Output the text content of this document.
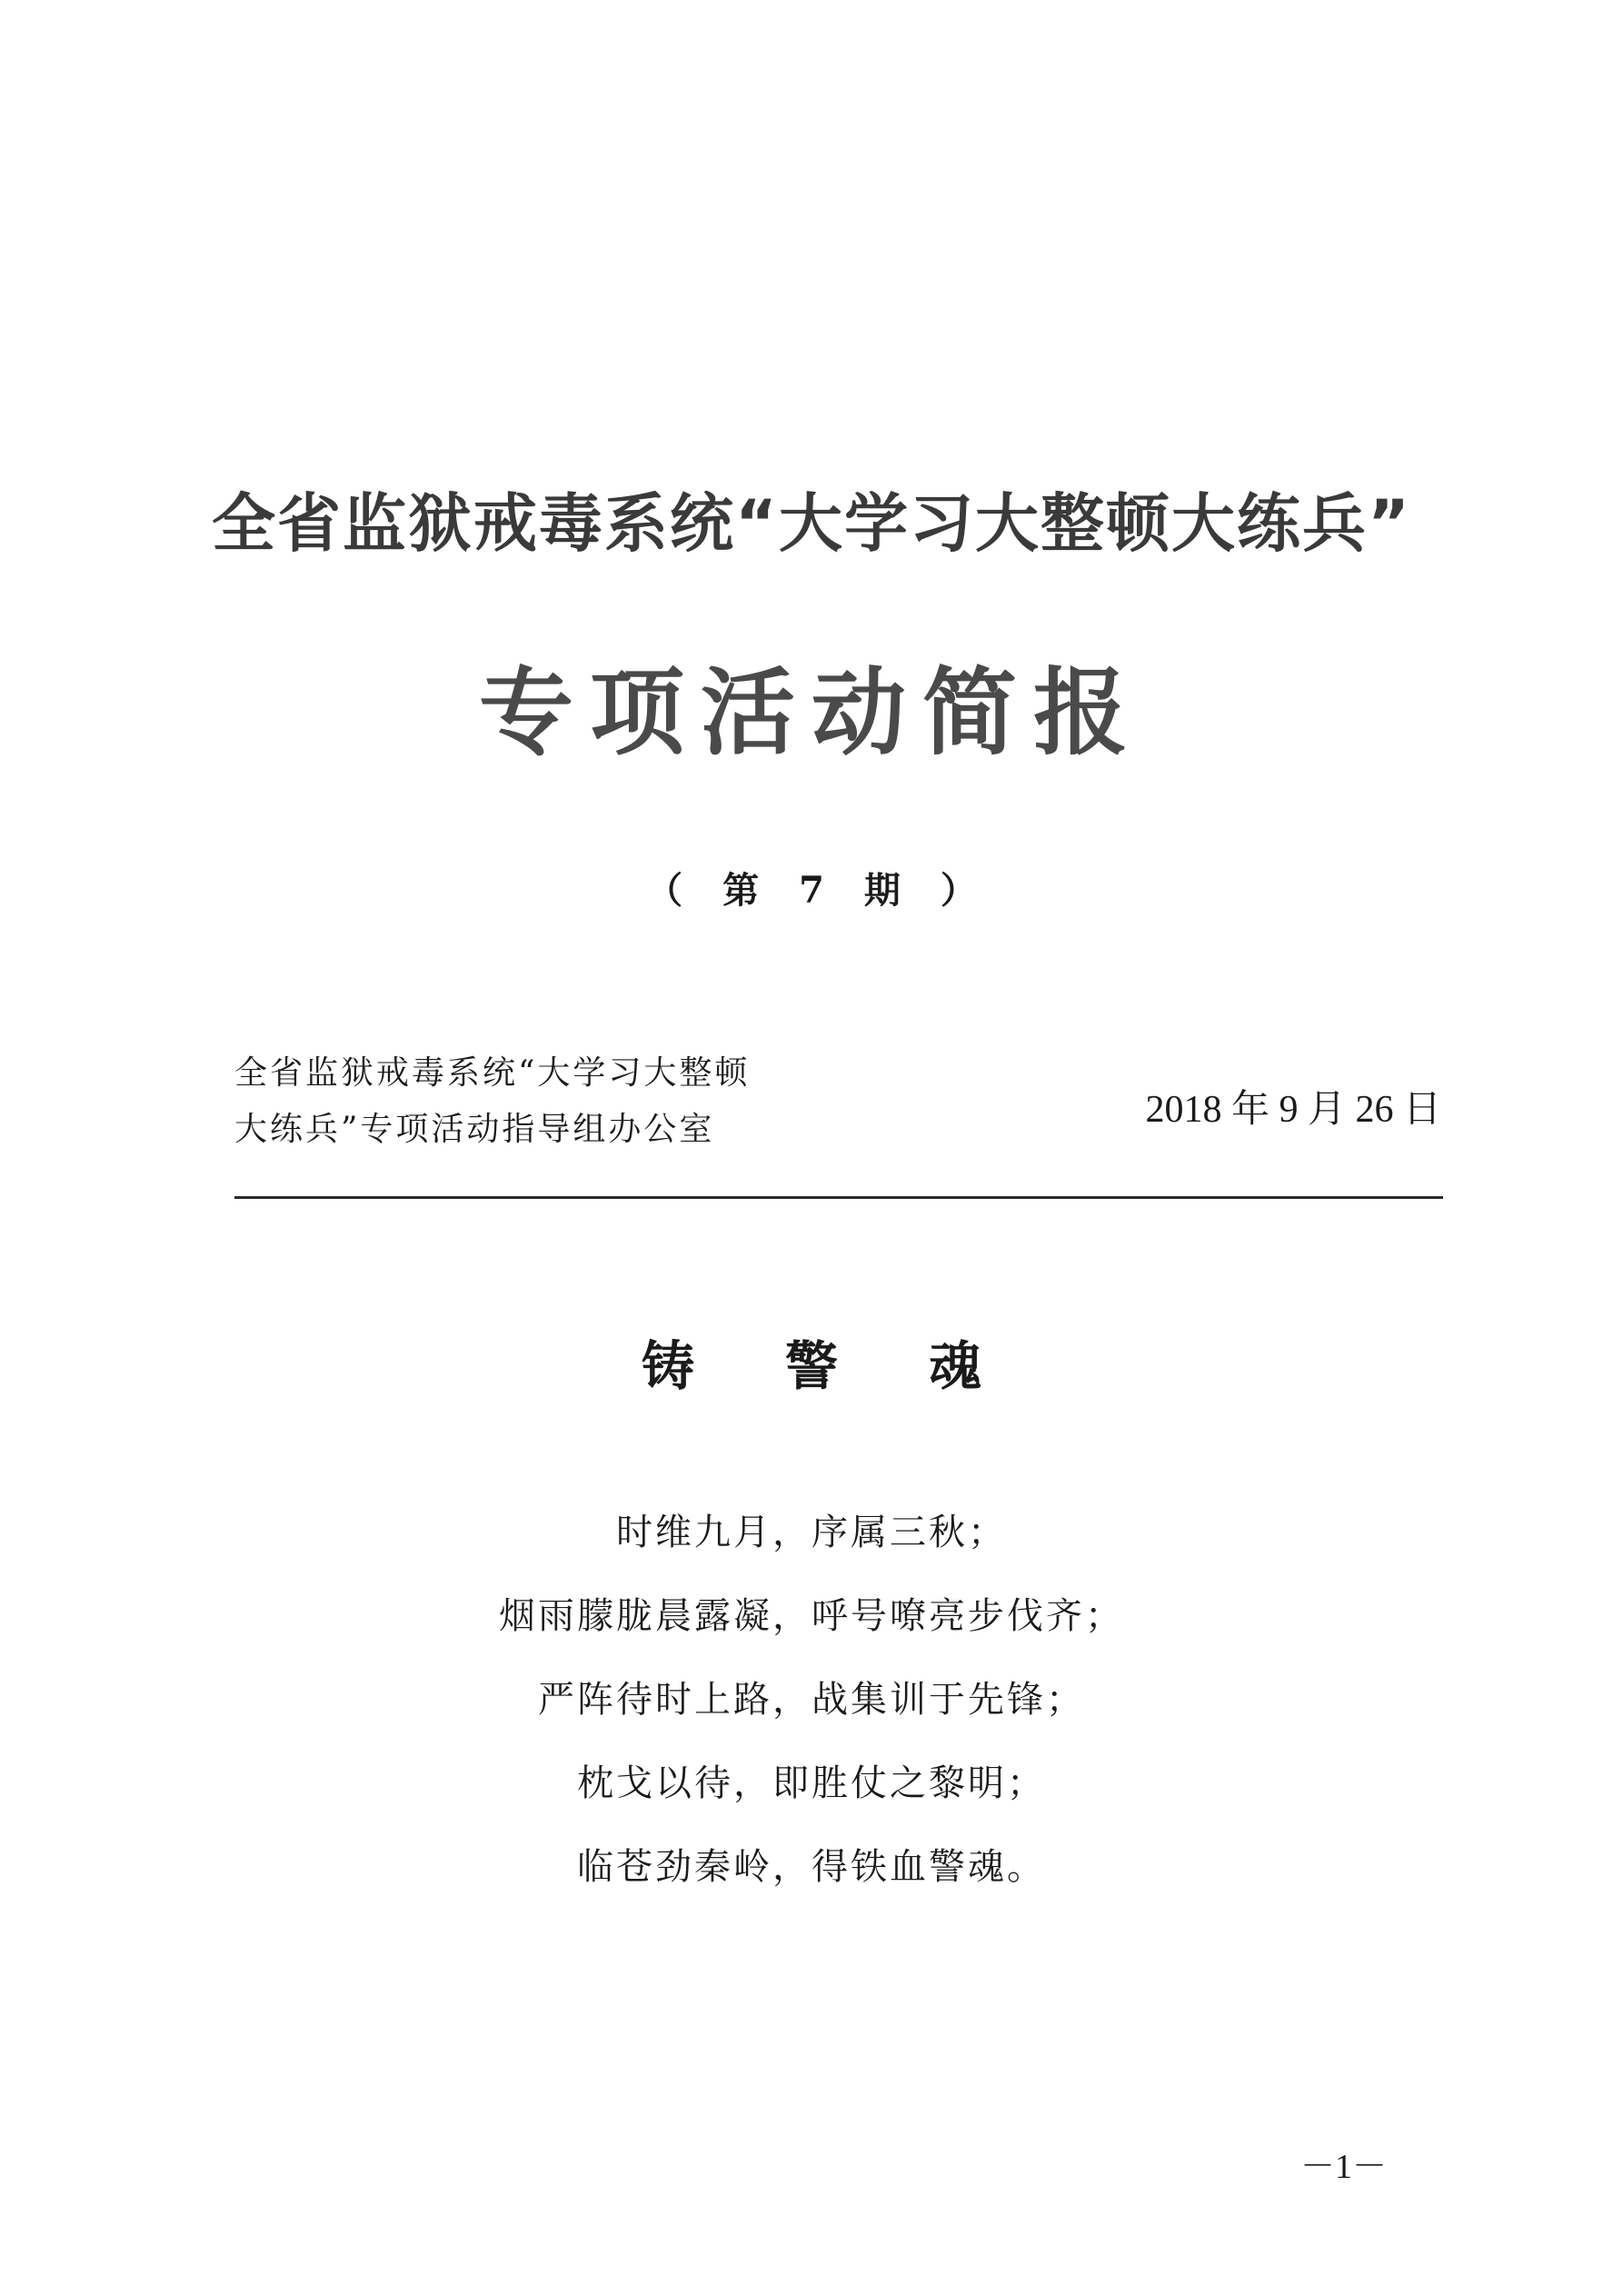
全省监狱戒毒系统“大学习大整顿大练兵”
专项活动简报
（ 第 7 期 ）
全省监狱戒毒系统“大学习大整顿
大练兵”专项活动指导组办公室	2018 年 9 月 26 日
铸 警 魂
时维九月，序属三秋；
烟雨朦胧晨露凝，呼号嘹亮步伐齐；
严阵待时上路，战集训于先锋；
枕戈以待，即胜仗之黎明；
临苍劲秦岭，得铁血警魂。
－1－
